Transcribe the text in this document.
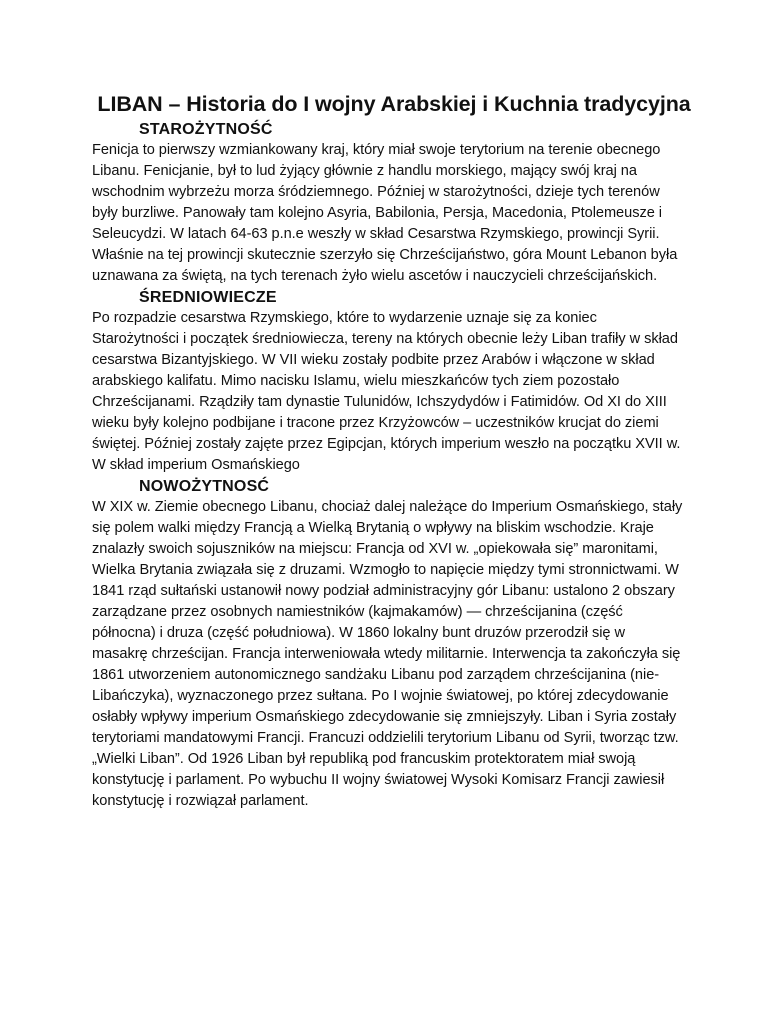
LIBAN – Historia do I wojny Arabskiej i Kuchnia tradycyjna
STAROŻYTNOŚĆ

Fenicja to pierwszy wzmiankowany kraj, który miał swoje terytorium na terenie obecnego Libanu. Fenicjanie, był to lud żyjący głównie z handlu morskiego, mający swój kraj na wschodnim wybrzeżu morza śródziemnego. Później w starożytności, dzieje tych terenów były burzliwe. Panowały tam kolejno Asyria, Babilonia, Persja, Macedonia, Ptolemeusze i Seleucydzi. W latach 64-63 p.n.e weszły w skład Cesarstwa Rzymskiego, prowincji Syrii. Właśnie na tej prowincji skutecznie szerzyło się Chrześcijaństwo, góra Mount Lebanon była uznawana za świętą, na tych terenach żyło wielu ascetów i nauczycieli chrześcijańskich.

ŚREDNIOWIECZE

Po rozpadzie cesarstwa Rzymskiego, które to wydarzenie uznaje się za koniec Starożytności i początek średniowiecza, tereny na których obecnie leży Liban trafiły w skład cesarstwa Bizantyjskiego. W VII wieku zostały podbite przez Arabów i włączone w skład arabskiego kalifatu. Mimo nacisku Islamu, wielu mieszkańców tych ziem pozostało Chrześcijanami. Rządziły tam dynastie Tulunidów, Ichszydydów i Fatimidów. Od XI do XIII wieku były kolejno podbijane i tracone przez Krzyżowców – uczestników krucjat do ziemi świętej. Później zostały zajęte przez Egipcjan, których imperium weszło na początku XVII w. W skład imperium Osmańskiego

NOWOŻYTNOSĆ

W XIX w. Ziemie obecnego Libanu, chociaż dalej należące do Imperium Osmańskiego, stały się polem walki między Francją a Wielką Brytanią o wpływy na bliskim wschodzie. Kraje znalazły swoich sojuszników na miejscu: Francja od XVI w. „opiekowała się” maronitami, Wielka Brytania związała się z druzami. Wzmogło to napięcie między tymi stronnictwami. W 1841 rząd sułtański ustanowił nowy podział administracyjny gór Libanu: ustalono 2 obszary zarządzane przez osobnych namiestników (kajmakamów) — chrześcijanina (część północna) i druza (część południowa). W 1860 lokalny bunt druzów przerodził się w masakrę chrześcijan. Francja interweniowała wtedy militarnie. Interwencja ta zakończyła się 1861 utworzeniem autonomicznego sandżaku Libanu pod zarządem chrześcijanina (nie-Libańczyka), wyznaczonego przez sułtana. Po I wojnie światowej, po której zdecydowanie osłabły wpływy imperium Osmańskiego zdecydowanie się zmniejszyły. Liban i Syria zostały terytoriami mandatowymi Francji. Francuzi oddzielili terytorium Libanu od Syrii, tworząc tzw. „Wielki Liban”. Od 1926 Liban był republiką pod francuskim protektoratem miał swoją konstytucję i parlament. Po wybuchu II wojny światowej Wysoki Komisarz Francji zawiesił konstytucję i rozwiązał parlament.
